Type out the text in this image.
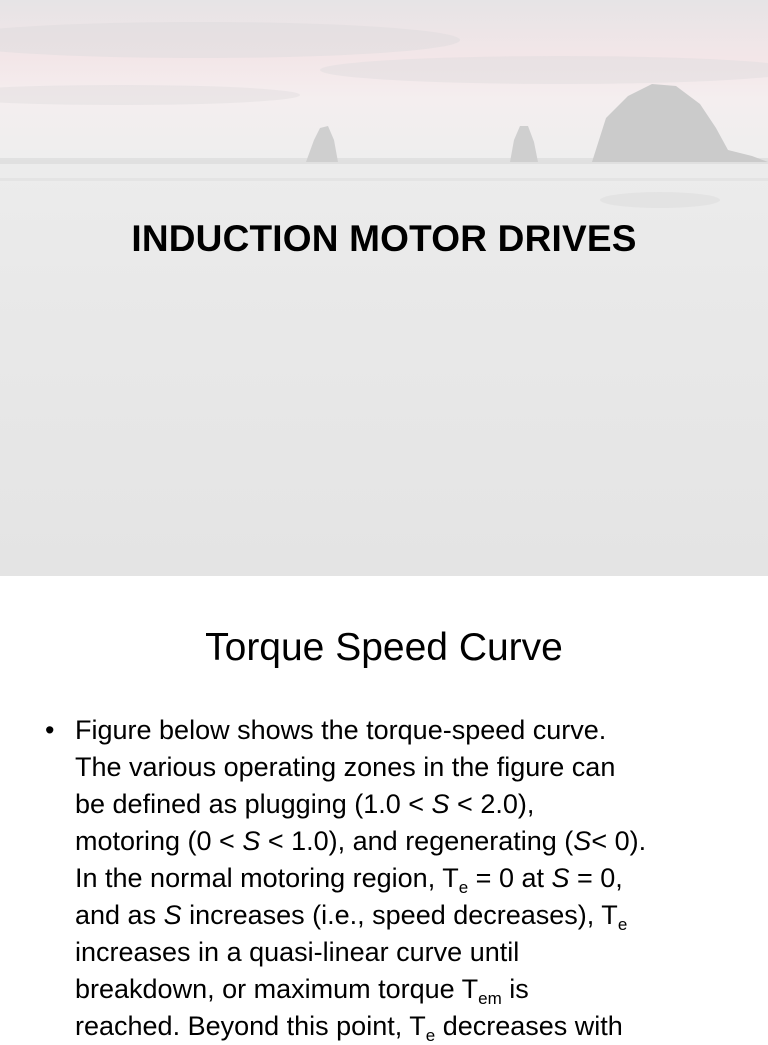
INDUCTION MOTOR DRIVES
Torque Speed Curve
• Figure below shows the torque-speed curve.
The various operating zones in the figure can
be defined as plugging (1.0 < S < 2.0),
motoring (0 < S < 1.0), and regenerating (S< 0).
In the normal motoring region, $T_e = 0$ at S = 0,
and as S increases (i.e., speed decreases), $T_e$
increases in a quasi-linear curve until
breakdown, or maximum torque $T_{em}$ is
reached. Beyond this point, $T_e$ decreases with
